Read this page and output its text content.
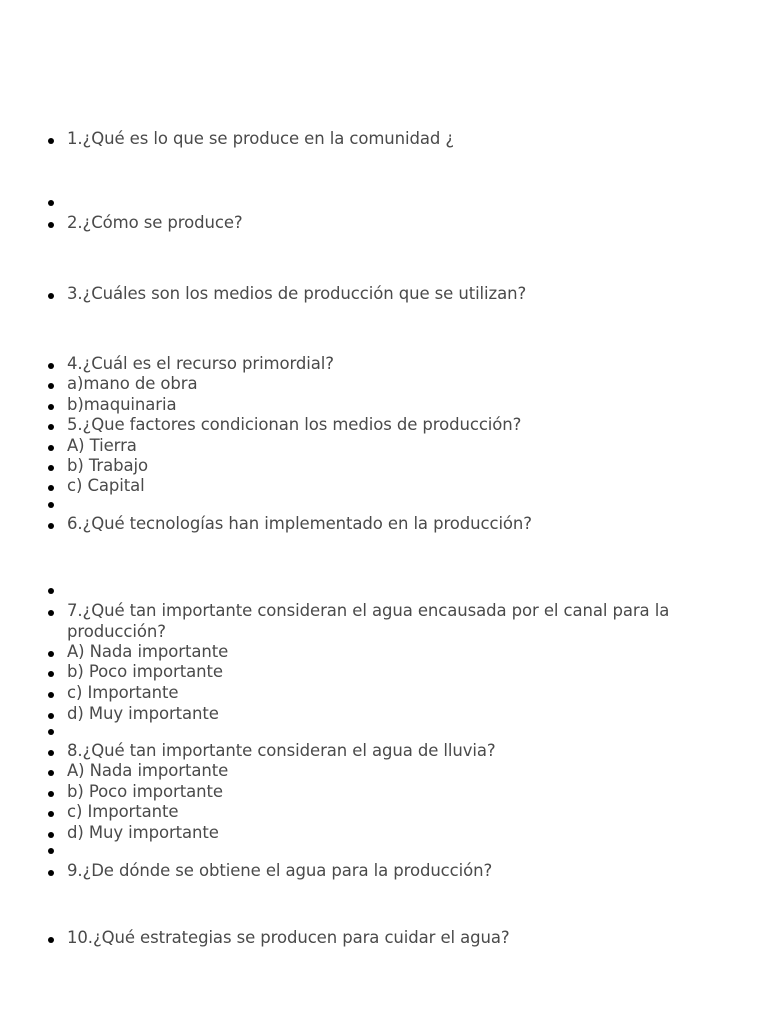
1.¿Qué es lo que se produce en la comunidad ¿
2.¿Cómo se produce?
3.¿Cuáles son los medios de producción que se utilizan?
4.¿Cuál es el recurso primordial?
a)mano de obra
b)maquinaria
5.¿Que factores condicionan los medios de producción?
A) Tierra
b) Trabajo
c) Capital
6.¿Qué tecnologías han implementado en la producción?
7.¿Qué tan importante consideran el agua encausada por el canal para la producción?
A) Nada importante
b) Poco importante
c) Importante
d) Muy importante
8.¿Qué tan importante consideran el agua de lluvia?
A) Nada importante
b) Poco importante
c) Importante
d) Muy importante
9.¿De dónde se obtiene el agua para la producción?
10.¿Qué estrategias se producen para cuidar el agua?
